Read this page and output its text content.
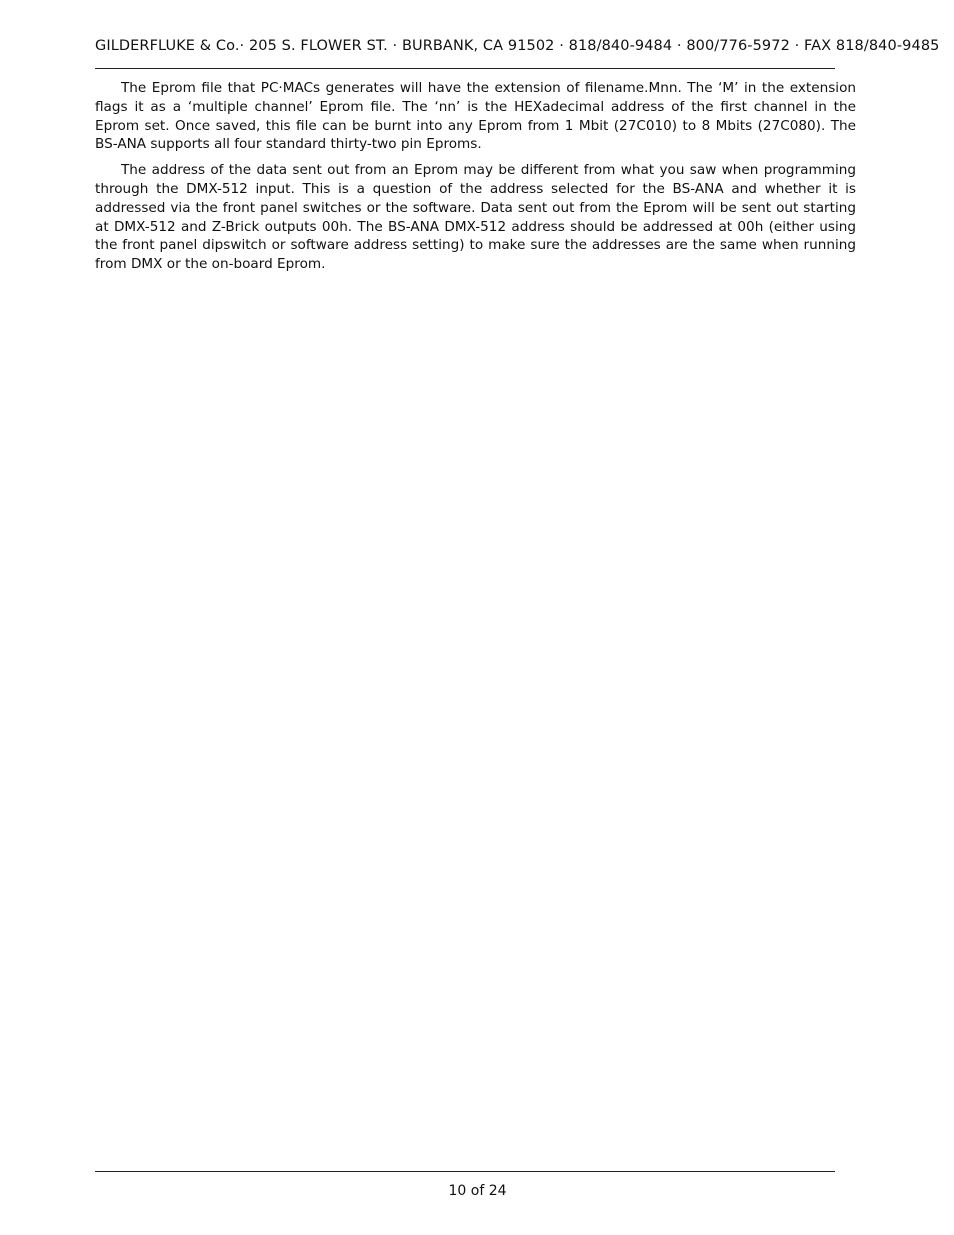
GILDERFLUKE & Co.· 205 S. FLOWER ST. · BURBANK, CA 91502 · 818/840-9484 · 800/776-5972 · FAX 818/840-9485

The Eprom file that PC·MACs generates will have the extension of filename.Mnn. The ‘M’ in the extension flags it as a ‘multiple channel’ Eprom file. The ‘nn’ is the HEXadecimal address of the first channel in the Eprom set. Once saved, this file can be burnt into any Eprom from 1 Mbit (27C010) to 8 Mbits (27C080). The BS-ANA supports all four standard thirty-two pin Eproms.

The address of the data sent out from an Eprom may be different from what you saw when programming through the DMX-512 input. This is a question of the address selected for the BS-ANA and whether it is addressed via the front panel switches or the software. Data sent out from the Eprom will be sent out starting at DMX-512 and Z-Brick outputs 00h. The BS-ANA DMX-512 address should be addressed at 00h (either using the front panel dipswitch or software address setting) to make sure the addresses are the same when running from DMX or the on-board Eprom.

10 of 24
